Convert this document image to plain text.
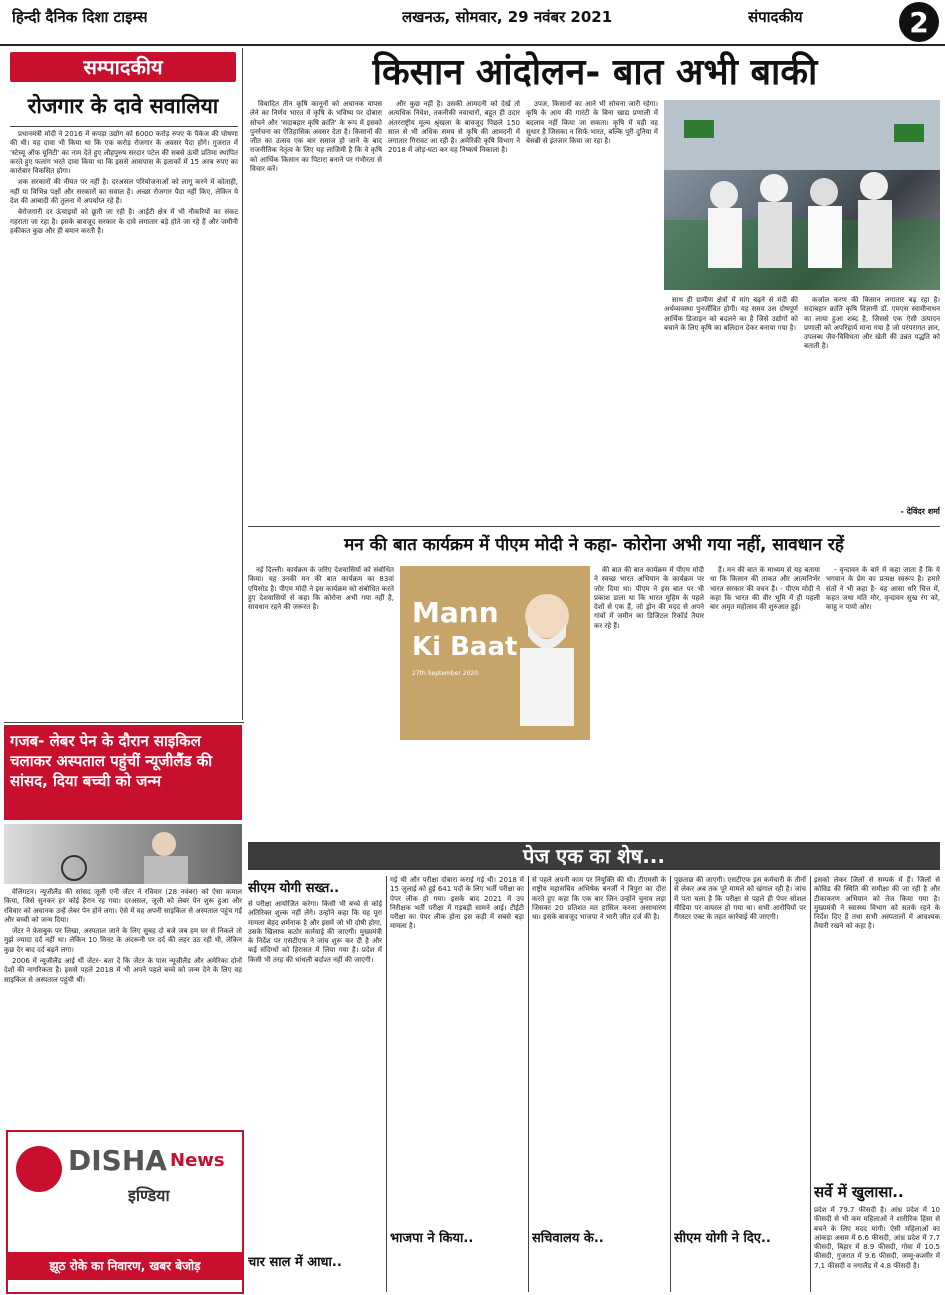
हिन्दी दैनिक दिशा टाइम्स	लखनऊ, सोमवार, 29 नवंबर 2021	संपादकीय	2
सम्पादकीय
रोजगार के दावे सवालिया

प्रधानमंत्री मोदी ने 2016 में कपड़ा उद्योग को 6000 करोड़ रुपए के पैकेज की घोषणा की थी। यह दावा भी किया था कि एक करोड़ रोजगार के अवसर पैदा होंगे। गुजरात में 'स्टेच्यू ऑफ यूनिटी' का नाम देते हुए लौहपुरुष सरदार पटेल की सबसे ऊंची प्रतिमा स्थापित करते हुए फलांग भरते दावा किया था कि इससे आसपास के इलाकों में 15 अरब रुपए का कारोबार विकसित होगा।

शक सरकारों की नीयत पर नहीं है। दरअसल परियोजनाओं को लागू करने में कोताही, नहीं या विभिन्न पक्षों और सरकारों का सवाल है। अच्छा रोजगार पैदा नहीं किए, लेकिन ये देश की आबादी की तुलना में अपर्याप्त रहे हैं।

बेरोजगारी दर ऊंचाइयों को छूती जा रही है। आईटी क्षेत्र में भी नौकरियों का संकट गहराता जा रहा है। इसके बावजूद सरकार के दावे लगातार बड़े होते जा रहे हैं और जमीनी हकीकत कुछ और ही बयान करती है।

किसान आंदोलन- बात अभी बाकी

विवादित तीन कृषि कानूनों को अचानक वापस लेने का निर्णय भारत में कृषि के भविष्य पर दोबारा सोचने और 'सदाबहार कृषि क्रांति' के रूप में इसको पुनर्रचना का ऐतिहासिक अवसर देता है। किसानों की जीत का उत्सव एक बार समाज हो जाने के बाद राजनीतिक नेतृत्व के लिए यह लाजिमी है कि वे कृषि को आर्थिक किसान का पिटारा बनाने पर गंभीरता से विचार करें।

और कुछ नहीं है। उसकी आमदनी को देखें तो अत्यधिक निवेश, तकनीकी नवाचारों, बहुत ही उदार अंतरराष्ट्रीय मूल्य श्रृंखला के बावजूद पिछले 150 साल से भी अधिक समय से कृषि की आमदनी में लगातार गिरावट आ रही है। अमेरिकी कृषि विभाग ने 2018 में जोड़-घटा कर यह निष्कर्ष निकाला है।

उपज, किसानों का आने भी सोचना जारी रहेगा। कृषि के आय की गारंटी के बिना खाद्य प्रणाली में बदलाव नहीं किया जा सकता। कृषि में यही वह सुधार है जिसका न सिर्फ भारत, बल्कि पूरी दुनिया में बेसब्री से इंतजार किया जा रहा है।

साथ ही ग्रामीण क्षेत्रों में मांग बढ़ने से मंदी की अर्थव्यवस्था पुनर्जीवित होगी। यह समय उस दोषपूर्ण आर्थिक डिजाइन को बदलने का है जिसे उद्योगों को बचाने के लिए कृषि का बलिदान देकर बनाया गया है।

कर्जाल करण की किसान लगातार बढ़ रहा है। सदाबहार क्रांति कृषि विज्ञानी डॉ. एमएस स्वामीनाथन का लाया हुआ शब्द है, जिससे एक ऐसी उत्पादन प्रणाली को अपरिहार्य माना गया है जो परंपरागत ज्ञान, उपलब्ध जैव-विविधता और खेती की उन्नत पद्धति को बताती है।

- देविंदर शर्मा
मन की बात कार्यक्रम में पीएम मोदी ने कहा- कोरोना अभी गया नहीं, सावधान रहें

नई दिल्ली। कार्यक्रम के जरिए देशवासियों को संबोधित किया। यह उनकी मन की बात कार्यक्रम का 83वां एपिसोड है। पीएम मोदी ने इस कार्यक्रम को संबोधित करते हुए देशवासियों से कहा कि कोरोना अभी गया नहीं है, सावधान रहने की जरूरत है।	Mann
Ki Baat
27th September 2020

की बात की बात कार्यक्रम में पीएम मोदी ने स्वच्छ भारत अभियान के कार्यक्रम पर जोर दिया था। पीएम ने इस बात पर भी प्रकाश डाला था कि भारत मुहिम के पहले देशों से एक हैं, जो ड्रोन की मदद से अपने गांवों में जमीन का डिजिटल रिकॉर्ड तैयार कर रहे हैं।

हैं। मन की बात के माध्यम से यह बताया था कि किसान की ताकत और आत्मनिर्भर भारत सरकार की वचन हैं। - पीएम मोदी ने कहा कि भारत की वीर भूमि में ही पहली बार अमृत महोत्सव की शुरुआत हुई।

- वृन्दावन के बारे में कहा जाता है कि ये भगवान के प्रेम का प्रत्यक्ष स्वरूप है। हमारे संतों ने भी कहा है- यह आसा धरि चित्त में, कहत जथा मति मोर, वृन्दावन सुख रंग को, काहु न पायो ओर।

गजब- लेबर पेन के दौरान साइकिल चलाकर अस्पताल पहुंचीं न्यूजीलैंड की सांसद, दिया बच्ची को जन्म

वेलिंगटन। न्यूजीलैंड की सांसद जूली एनी जेंटर ने रविवार (28 नवंबर) को ऐसा कमाल किया, जिसे सुनकर हर कोई हैरान रह गया। दरअसल, जूली को लेबर पेन शुरू हुआ और रविवार को अचानक उन्हें लेबर पेन होने लगा। ऐसे में वह अपनी साइकिल से अस्पताल पहुंच गईं और बच्ची को जन्म दिया।

जेंटर ने फेसबुक पर लिखा, अस्पताल जाने के लिए सुबह दो बजे जब हम घर से निकले तो मुझे ज्यादा दर्द नहीं था। लेकिन 10 मिनट के अंदरूनी पर दर्द की लहर उठ रही थी, लेकिन कुछ देर बाद दर्द बढ़ने लगा।

2006 में न्यूजीलैंड आई थीं जेंटर- बता दें कि जेंटर के पास न्यूजीलैंड और अमेरिका दोनों देशों की नागरिकता है। इससे पहले 2018 में भी अपने पहले बच्चे को जन्म देने के लिए वह साइकिल से अस्पताल पहुंची थीं।

DISHA News
इण्डिया
झूठ रोके का निवारण, खबर बेजोड़
पेज एक का शेष...
सीएम योगी सख्त..
से परीक्षा आयोजित करेगा। किसी भी बच्चे से कोई अतिरिक्त शुल्क नहीं लेंगे। उन्होंने कहा कि यह पूरा मामला बेहद शर्मनाक है और इसमें जो भी दोषी होगा, उसके खिलाफ कठोर कार्रवाई की जाएगी। मुख्यमंत्री के निर्देश पर एसटीएफ ने जांच शुरू कर दी है और कई संदिग्धों को हिरासत में लिया गया है। प्रदेश में किसी भी तरह की धांधली बर्दाश्त नहीं की जाएगी।
चार साल में आधा..
गई थी और परीक्षा दोबारा कराई गई थी। 2018 में 15 जुलाई को हुई 641 पदों के लिए भर्ती परीक्षा का पेपर लीक हो गया। इसके बाद 2021 में उप निरीक्षक भर्ती परीक्षा में गड़बड़ी सामने आई। टीईटी परीक्षा का पेपर लीक होना इस कड़ी में सबसे बड़ा मामला है।
भाजपा ने किया..
से पहले अपनी काम पर नियुक्ति की थी। टीएमसी के राष्ट्रीय महासचिव अभिषेक बनर्जी ने त्रिपुरा का दौरा करते हुए कहा कि एक बार जिन उन्होंने चुनाव लड़ा जिसका 20 प्रतिशत मत हासिल करना असाधारण था। इसके बावजूद भाजपा ने भारी जीत दर्ज की है।
सचिवालय के..
पूछताछ की जाएगी। एसटीएफ इस कर्मचारी के तीनों से लेकर अब तक पूरे मामले को खंगाल रही है। जांच में पता चला है कि परीक्षा से पहले ही पेपर सोशल मीडिया पर वायरल हो गया था। सभी आरोपियों पर गैंगस्टर एक्ट के तहत कार्रवाई की जाएगी।
सीएम योगी ने दिए..
इसको लेकर जिलों से सम्पर्क में हैं। जिलों से कोविड की स्थिति की समीक्षा की जा रही है और टीकाकरण अभियान को तेज किया गया है। मुख्यमंत्री ने स्वास्थ्य विभाग को सतर्क रहने के निर्देश दिए हैं तथा सभी अस्पतालों में आवश्यक तैयारी रखने को कहा है।
सर्वे में खुलासा..
प्रदेश में 79.7 फीसदी है। आंध्र प्रदेश में 10 फीसदी से भी कम महिलाओं ने शारीरिक हिंसा से बचने के लिए मदद मांगी। ऐसी महिलाओं का आंकड़ा असम में 6.6 फीसदी, आंध्र प्रदेश में 7.7 फीसदी, बिहार में 8.9 फीसदी, गोवा में 10.5 फीसदी, गुजरात में 9.6 फीसदी, जम्मू-कश्मीर में 7.1 फीसदी व नगालैंड में 4.8 फीसदी है।
